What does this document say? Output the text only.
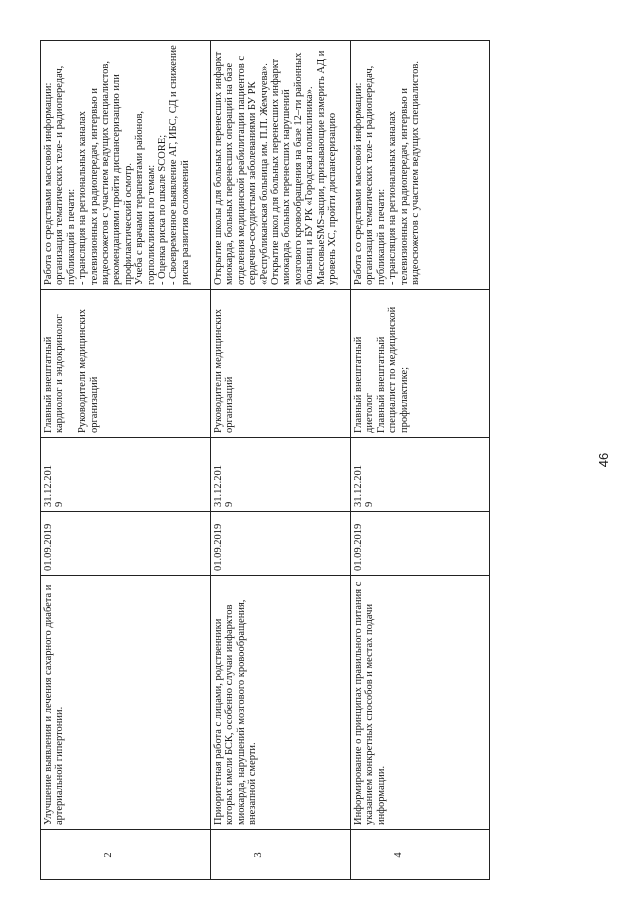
2
Улучшение выявления и лечения сахарного диабета и артериальной гипертонии.
01.09.2019
31.12.201
9
Главный внештатный кардиолог и эндокринолог

Руководители медицинских организаций
Работа со средствами массовой информации: организация тематических теле- и радиопередач, публикаций в печати:
- трансляция на региональных каналах телевизионных и радиопередач, интервью и видеосюжетов с участием ведущих специалистов, рекомендациями пройти диспансеризацию или профилактический осмотр.
Учеба с врачами терапевтами районов, горполиклиники по темам:
- Оценка риска по шкале SCORE;
- Своевременное выявление АГ, ИБС, СД и снижение риска развития осложнений
3
Приоритетная работа с лицами, родственники которых имели БСК, особенно случаи инфарктов миокарда, нарушений мозгового кровообращения, внезапной смерти.
01.09.2019
31.12.201
9
Руководители медицинских организаций
Открытие школы для больных перенесших инфаркт миокарда, больных перенесших операций на базе отделения медицинской реабилитации пациентов с сердечно-сосудистыми заболеваниями БУ РК «Республиканская больница им. П.П. Жемчуева».
Открытие школ для больных перенесших инфаркт миокарда, больных перенесших нарушений мозгового кровообращения на базе 12–ти районных больниц и БУ РК «Городская поликлиника».
МассовыеSMS-акции, призывающие измерить АД и уровень ХС, пройти диспансеризацию
4
Информирование о принципах правильного питания с указанием конкретных способов и местах подачи информации.
01.09.2019
31.12.201
9
Главный внештатный диетолог
Главный внештатный специалист по медицинской профилактике;
Работа со средствами массовой информации: организация тематических теле- и радиопередач, публикаций в печати:
- трансляция на региональных каналах телевизионных и радиопередач, интервью и видеосюжетов с участием ведущих специалистов.
46
